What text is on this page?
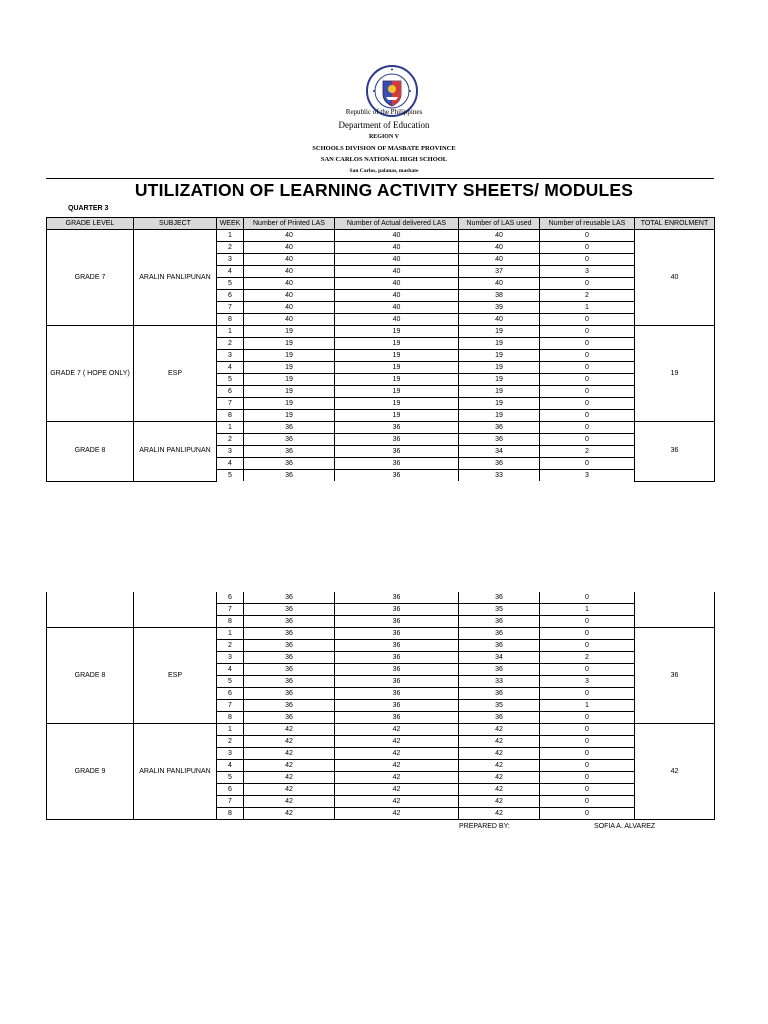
Republic of the Philippines
Department of Education
REGION V
SCHOOLS DIVISION OF MASBATE PROVINCE
SAN CARLOS NATIONAL HIGH SCHOOL
San Carlos, palanas, masbate
UTILIZATION OF LEARNING ACTIVITY SHEETS/ MODULES
QUARTER 3
GRADE LEVEL	SUBJECT	WEEK	Number of Printed LAS	Number of Actual delivered LAS	Number of LAS used	Number of reusable LAS	TOTAL ENROLMENT
GRADE 7	ARALIN PANLIPUNAN	1	40	40	40	0	40
		2	40	40	40	0	
		3	40	40	40	0	
		4	40	40	37	3	
		5	40	40	40	0	
		6	40	40	38	2	
		7	40	40	39	1	
		8	40	40	40	0	
GRADE 7 ( HOPE ONLY)	ESP	1	19	19	19	0	19
		2	19	19	19	0	
		3	19	19	19	0	
		4	19	19	19	0	
		5	19	19	19	0	
		6	19	19	19	0	
		7	19	19	19	0	
		8	19	19	19	0	
GRADE 8	ARALIN PANLIPUNAN	1	36	36	36	0	36
		2	36	36	36	0	
		3	36	36	34	2	
		4	36	36	36	0	
		5	36	36	33	3	
		6	36	36	36	0	
		7	36	36	35	1	
		8	36	36	36	0	
GRADE 8	ESP	1	36	36	36	0	36
		2	36	36	36	0	
		3	36	36	34	2	
		4	36	36	36	0	
		5	36	36	33	3	
		6	36	36	36	0	
		7	36	36	35	1	
		8	36	36	36	0	
GRADE 9	ARALIN PANLIPUNAN	1	42	42	42	0	42
		2	42	42	42	0	
		3	42	42	42	0	
		4	42	42	42	0	
		5	42	42	42	0	
		6	42	42	42	0	
		7	42	42	42	0	
		8	42	42	42	0	
PREPARED BY:	SOFIA A. ALVAREZ
